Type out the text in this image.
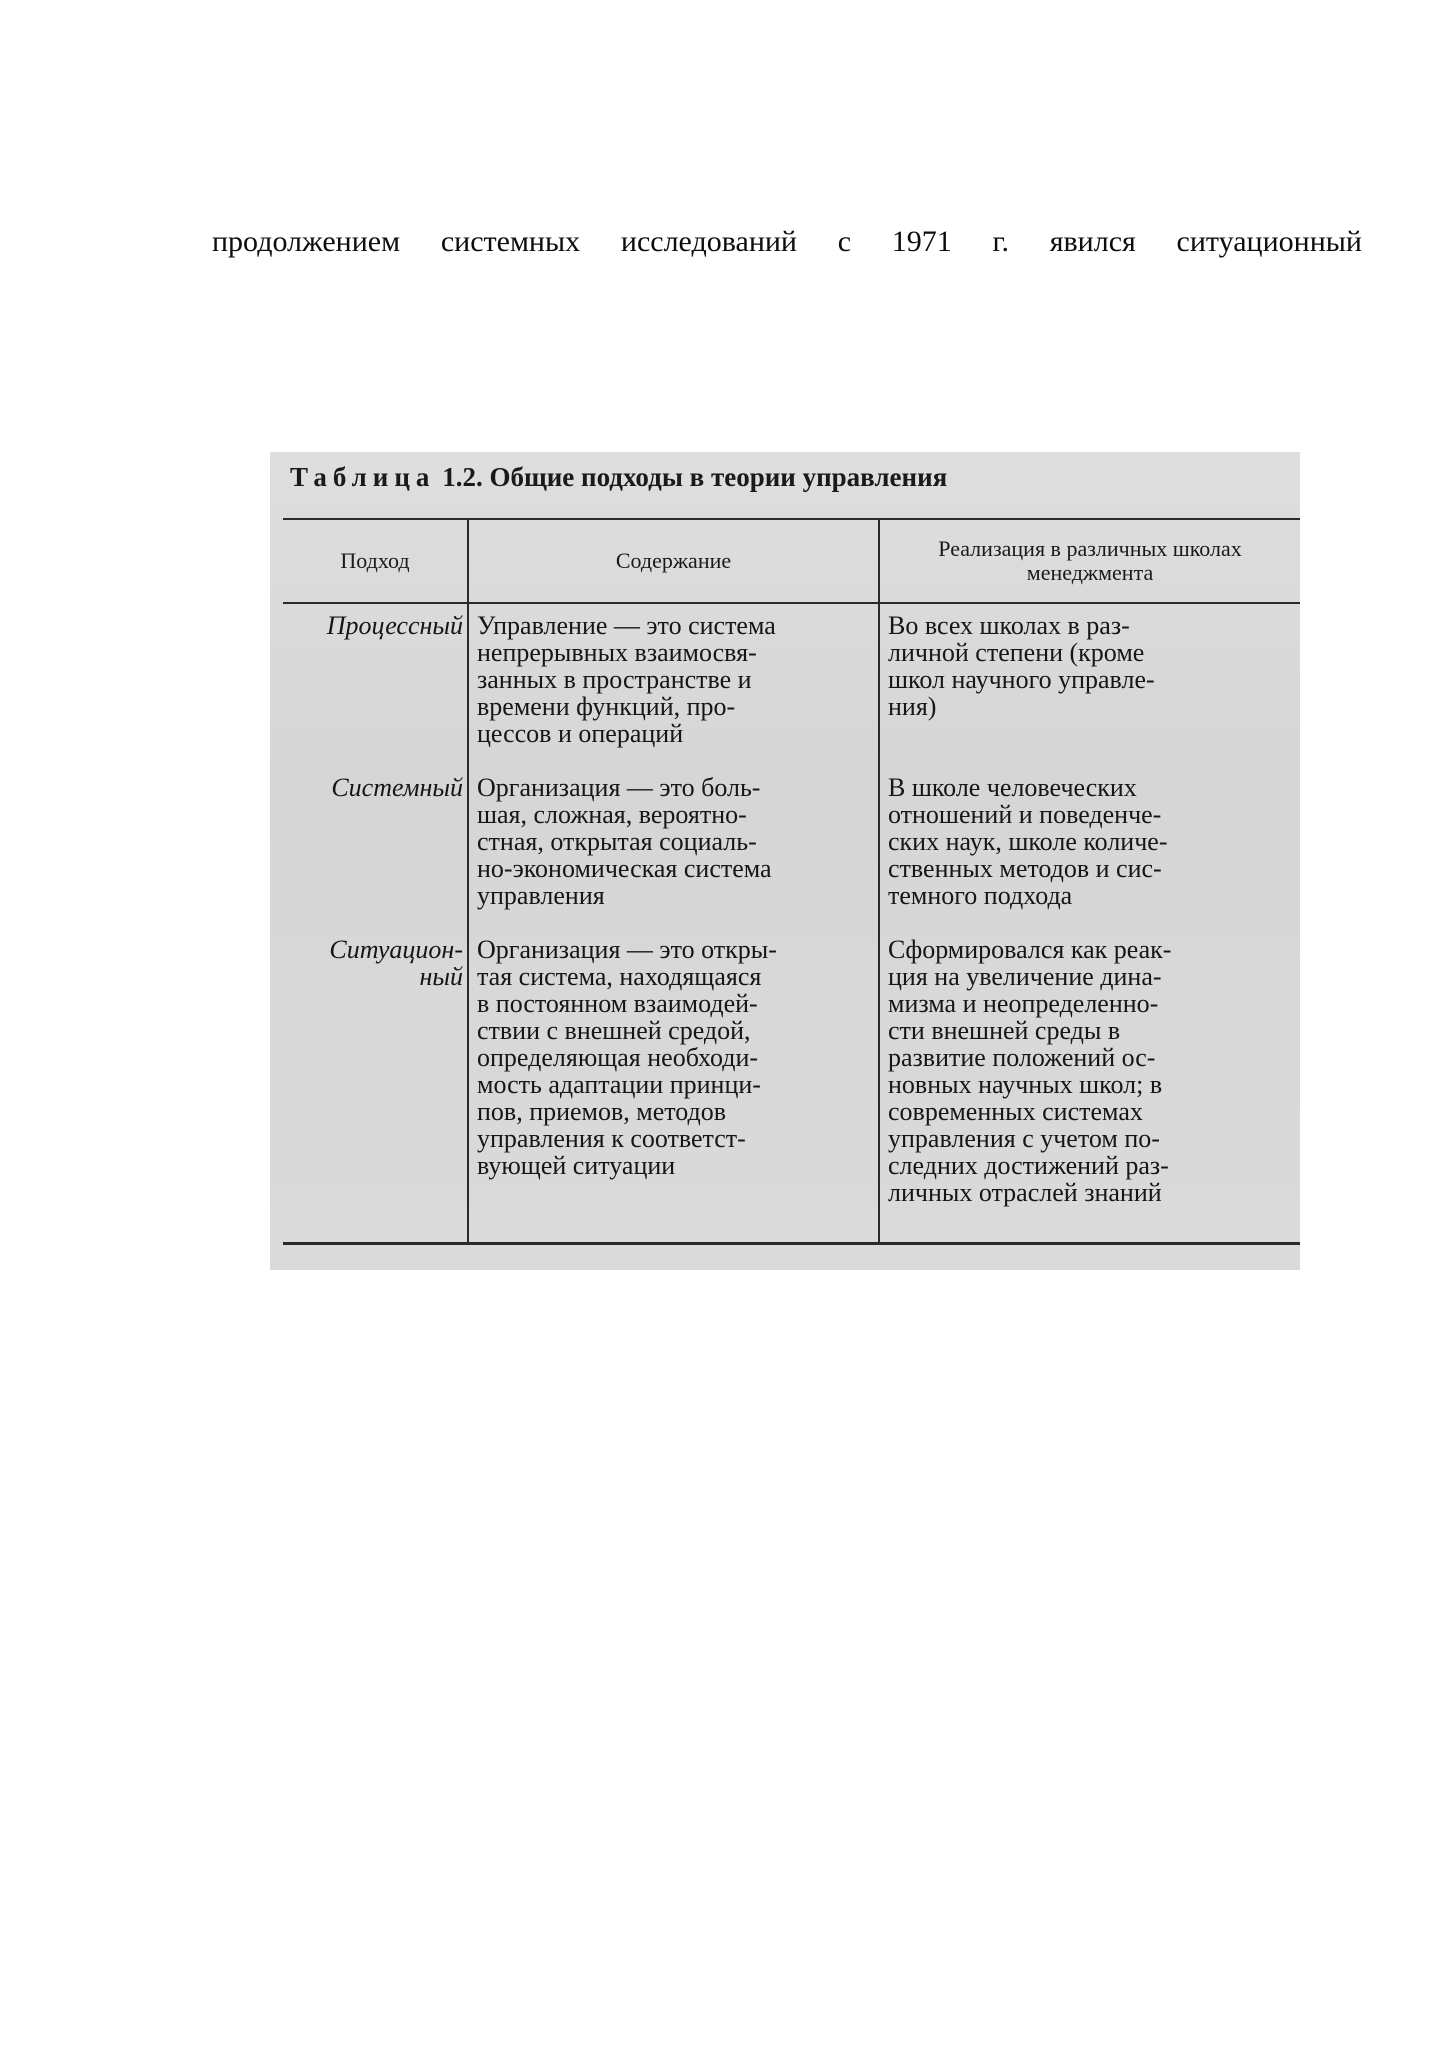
продолжением системных исследований с 1971 г. явился ситуационный
Таблица 1.2. Общие подходы в теории управления
Подход	Содержание	Реализация в различных школах менеджмента
Процессный Управление — это система
непрерывных взаимосвя-
занных в пространстве и
времени функций, про-
цессов и операций
Во всех школах в раз-
личной степени (кроме
школ научного управле-
ния)
Системный Организация — это боль-
шая, сложная, вероятно-
стная, открытая социаль-
но-экономическая система
управления
В школе человеческих
отношений и поведенче-
ских наук, школе количе-
ственных методов и сис-
темного подхода
Ситуацион-
ный
Организация — это откры-
тая система, находящаяся
в постоянном взаимодей-
ствии с внешней средой,
определяющая необходи-
мость адаптации принци-
пов, приемов, методов
управления к соответст-
вующей ситуации
Сформировался как реак-
ция на увеличение дина-
мизма и неопределенно-
сти внешней среды в
развитие положений ос-
новных научных школ; в
современных системах
управления с учетом по-
следних достижений раз-
личных отраслей знаний
